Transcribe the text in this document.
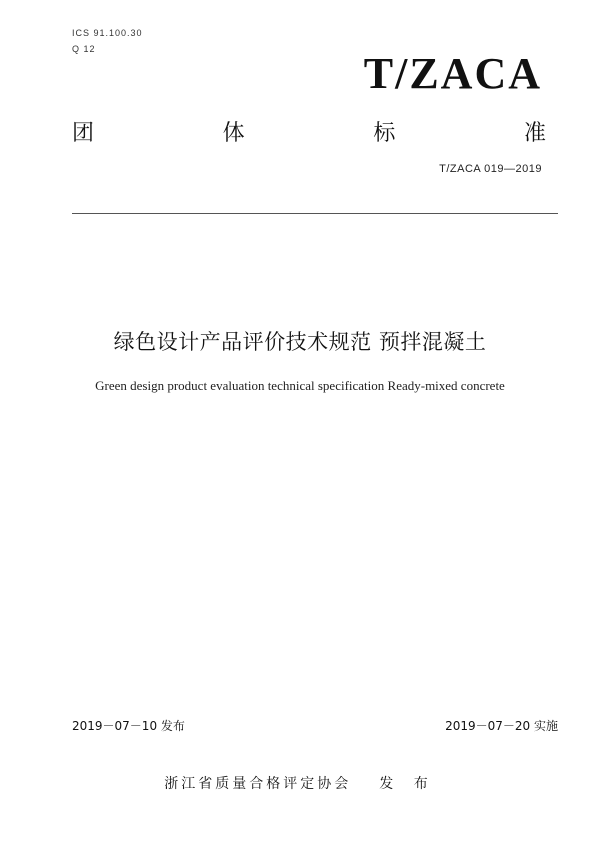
ICS 91.100.30
Q 12	T/ZACA
团	体	标	准
T/ZACA 019—2019
绿色设计产品评价技术规范 预拌混凝土
Green design product evaluation technical specification Ready-mixed concrete
2019－07－10 发布	2019－07－20 实施
浙江省质量合格评定协会 发 布
